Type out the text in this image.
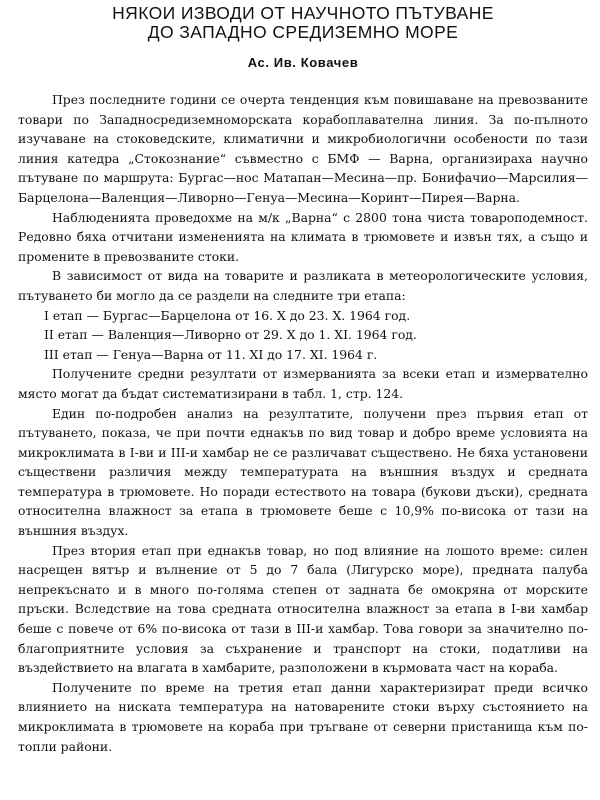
НЯКОИ ИЗВОДИ ОТ НАУЧНОТО ПЪТУВАНЕ
ДО ЗАПАДНО СРЕДИЗЕМНО МОРЕ
Ас. Ив. Ковачев

През последните години се очерта тенденция към повишаване на превозваните товари по Западносредиземноморската корабоплавателна линия. За по-пълното изучаване на стоковедските, климатични и микробиологични особености по тази линия катедра „Стокознание“ съвместно с БМФ — Варна, организираха научно пътуване по маршрута: Бургас—нос Матапан—Месина—пр. Бонифачио—Марсилия—Барцелона—Валенция—Ливорно—Генуа—Месина—Коринт—Пирея—Варна.

Наблюденията проведохме на м/к „Варна“ с 2800 тона чиста товароподемност. Редовно бяха отчитани измененията на климата в трюмовете и извън тях, а също и промените в превозваните стоки.

В зависимост от вида на товарите и разликата в метеорологическите условия, пътуването би могло да се раздели на следните три етапа:

I етап — Бургас—Барцелона от 16. X до 23. X. 1964 год.

II етап — Валенция—Ливорно от 29. X до 1. XI. 1964 год.

III етап — Генуа—Варна от 11. XI до 17. XI. 1964 г.

Получените средни резултати от измерванията за всеки етап и измервателно място могат да бъдат систематизирани в табл. 1, стр. 124.

Един по-подробен анализ на резултатите, получени през първия етап от пътуването, показа, че при почти еднакъв по вид товар и добро време условията на микроклимата в I-ви и III-и хамбар не се различават съществено. Не бяха установени съществени различия между температурата на външния въздух и средната температура в трюмовете. Но поради естеството на товара (букови дъски), средната относителна влажност за етапа в трюмовете беше с 10,9% по-висока от тази на външния въздух.

През втория етап при еднакъв товар, но под влияние на лошото време: силен насрещен вятър и вълнение от 5 до 7 бала (Лигурско море), предната палуба непрекъснато и в много по-голяма степен от задната бе омокряна от морските пръски. Вследствие на това средната относителна влажност за етапа в I-ви хамбар беше с повече от 6% по-висока от тази в III-и хамбар. Това говори за значително по-благоприятните условия за съхранение и транспорт на стоки, податливи на въздействието на влагата в хамбарите, разположени в кърмовата част на кораба.

Получените по време на третия етап данни характеризират преди всичко влиянието на ниската температура на натоварените стоки върху състоянието на микроклимата в трюмовете на кораба при тръгване от северни пристанища към по-топли райони.
